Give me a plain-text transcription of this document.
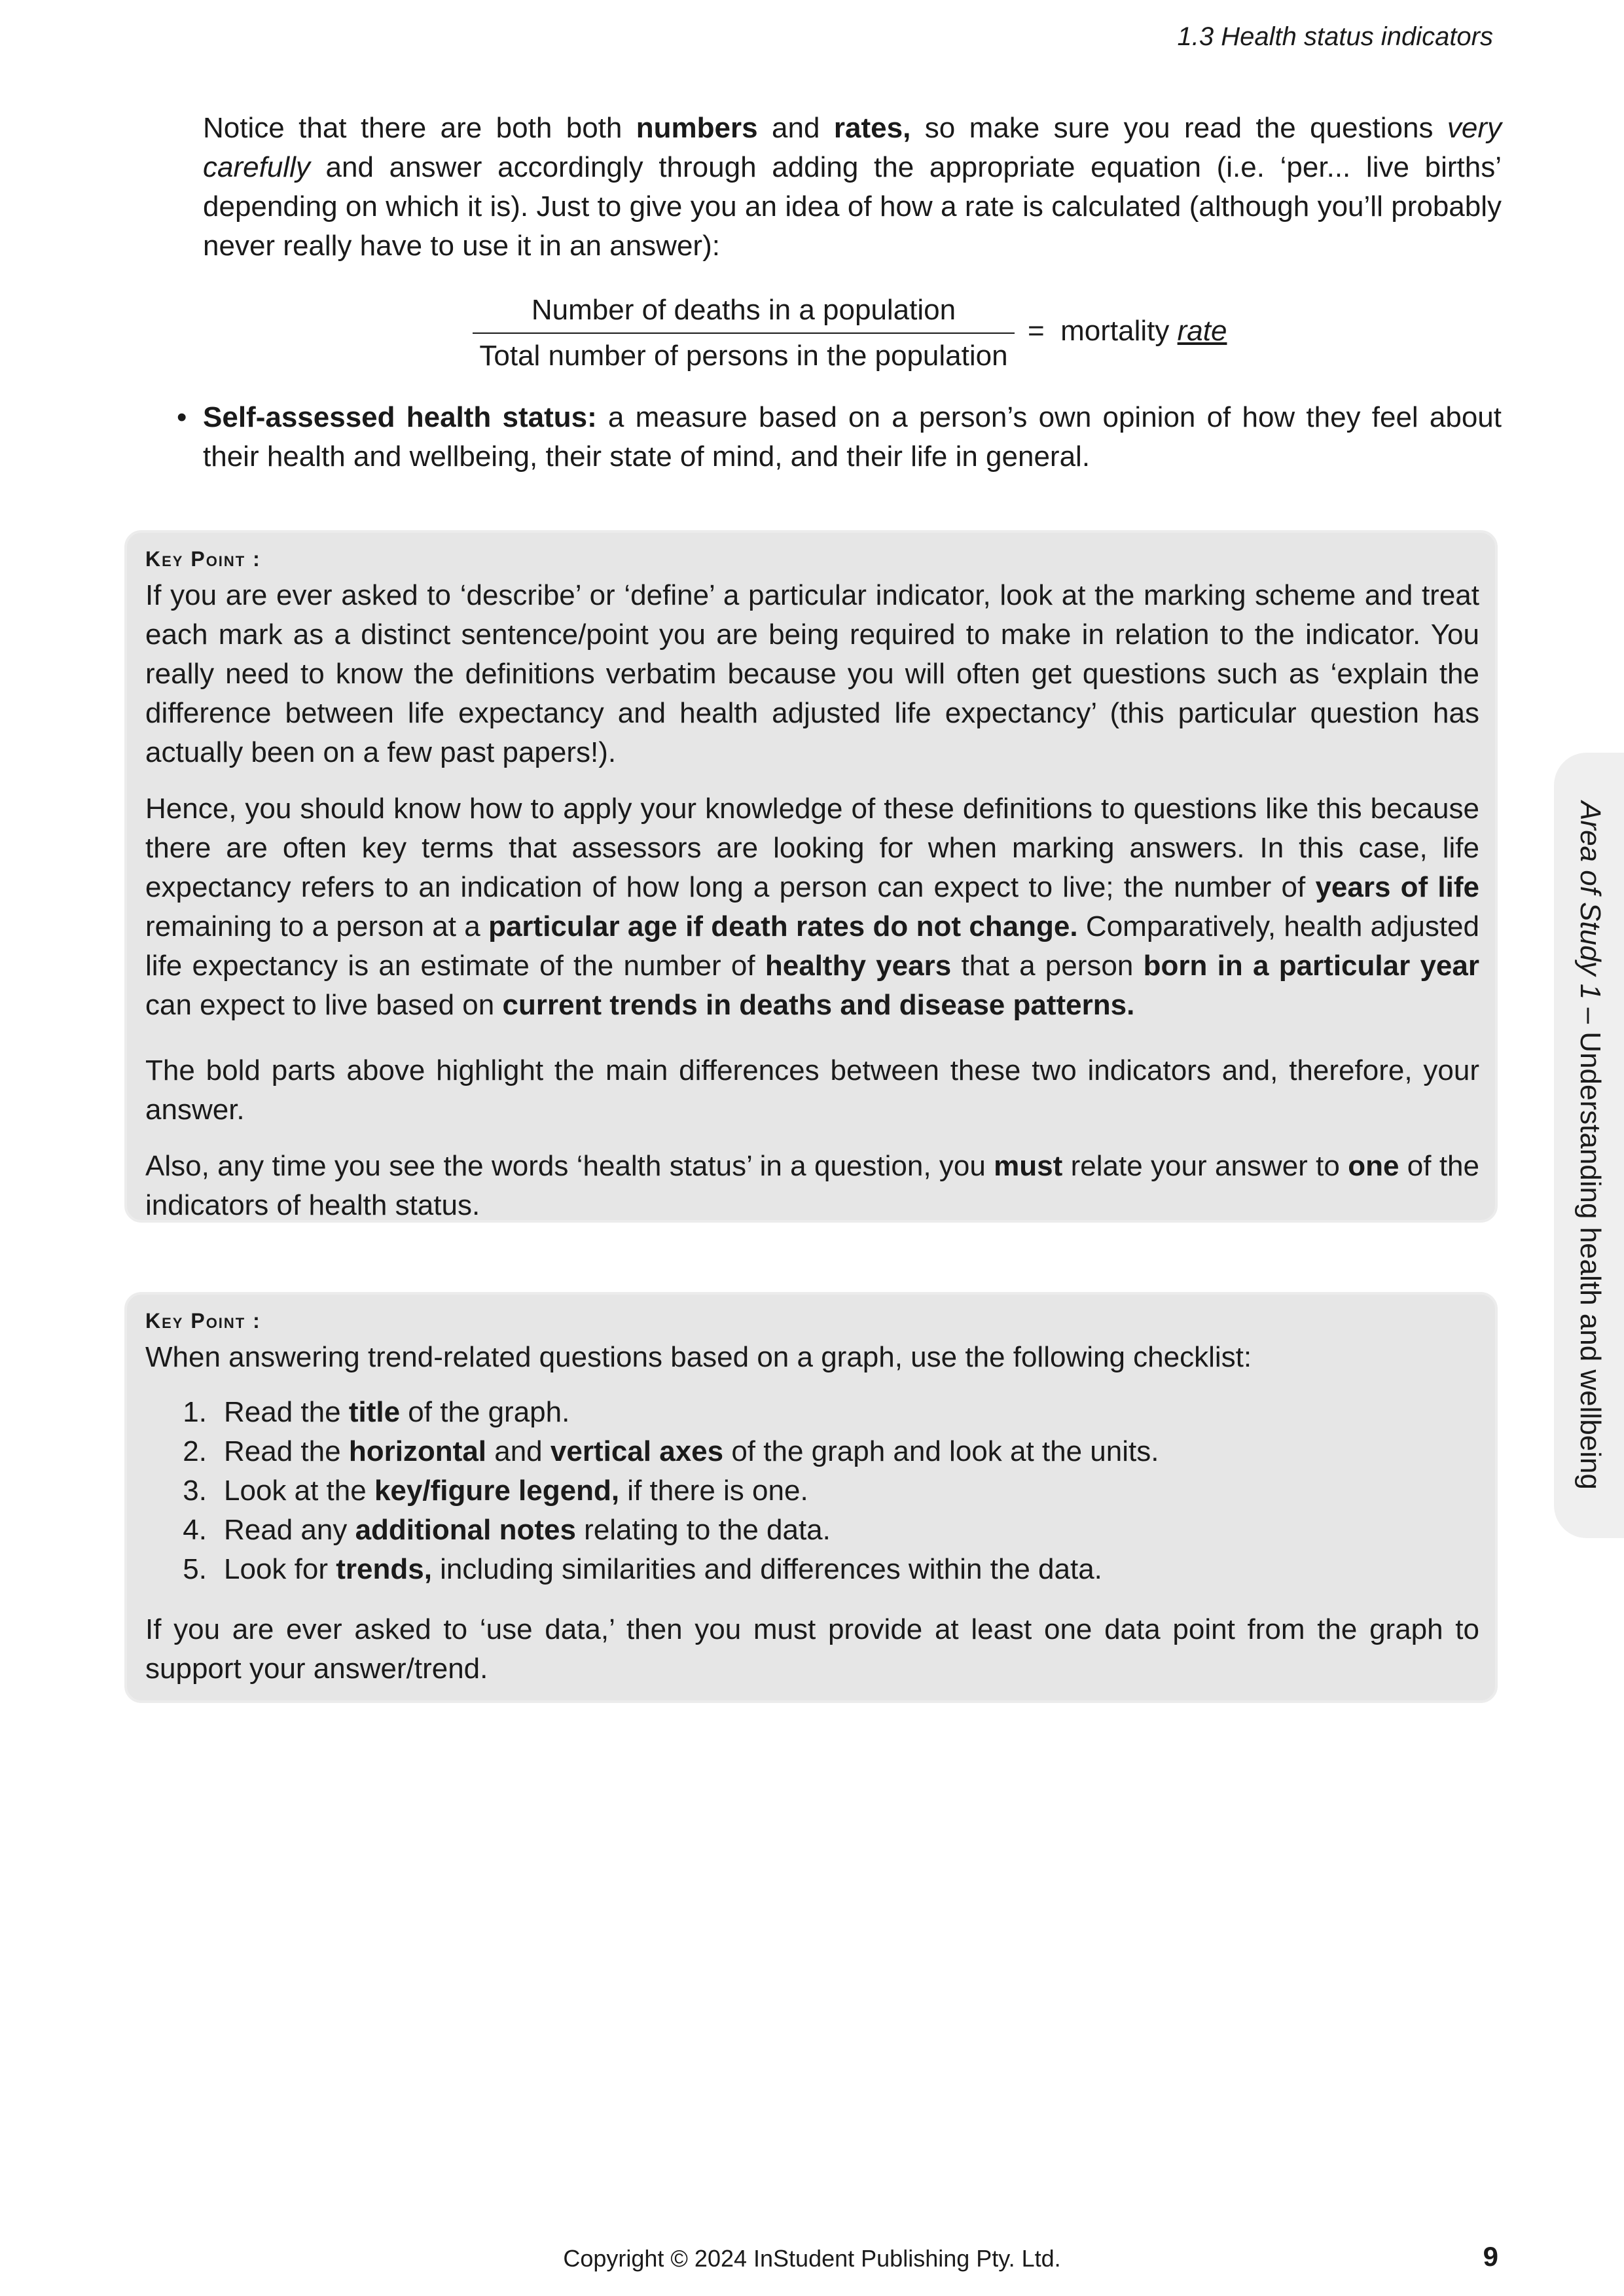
1.3 Health status indicators

Notice that there are both both numbers and rates, so make sure you read the questions very carefully and answer accordingly through adding the appropriate equation (i.e. ‘per... live births’ depending on which it is). Just to give you an idea of how a rate is calculated (although you’ll probably never really have to use it in an answer):

Number of deaths in a population
Total number of persons in the population
= mortality rate
• Self-assessed health status: a measure based on a person’s own opinion of how they feel about their health and wellbeing, their state of mind, and their life in general.

Key Point :

If you are ever asked to ‘describe’ or ‘define’ a particular indicator, look at the marking scheme and treat each mark as a distinct sentence/point you are being required to make in relation to the indicator. You really need to know the definitions verbatim because you will often get questions such as ‘explain the difference between life expectancy and health adjusted life expectancy’ (this particular question has actually been on a few past papers!).

Hence, you should know how to apply your knowledge of these definitions to questions like this because there are often key terms that assessors are looking for when marking answers. In this case, life expectancy refers to an indication of how long a person can expect to live; the number of years of life remaining to a person at a particular age if death rates do not change. Comparatively, health adjusted life expectancy is an estimate of the number of healthy years that a person born in a particular year can expect to live based on current trends in deaths and disease patterns.

The bold parts above highlight the main differences between these two indicators and, therefore, your answer.

Also, any time you see the words ‘health status’ in a question, you must relate your answer to one of the indicators of health status.

Key Point :

When answering trend-related questions based on a graph, use the following checklist:

1. Read the title of the graph.
2. Read the horizontal and vertical axes of the graph and look at the units.
3. Look at the key/figure legend, if there is one.
4. Read any additional notes relating to the data.
5. Look for trends, including similarities and differences within the data.

If you are ever asked to ‘use data,’ then you must provide at least one data point from the graph to support your answer/trend.

Area of Study 1 – Understanding health and wellbeing
Copyright © 2024 InStudent Publishing Pty. Ltd.	9
